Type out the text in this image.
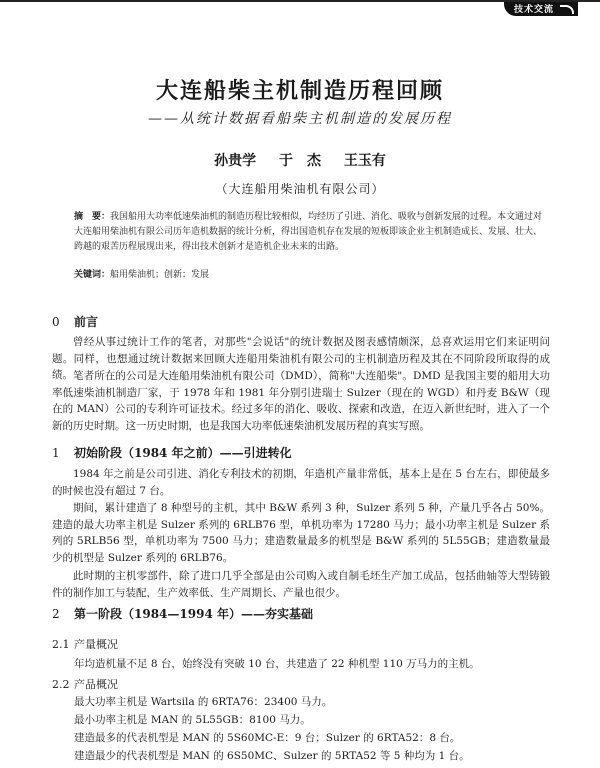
技术交流
大连船柴主机制造历程回顾
——从统计数据看船柴主机制造的发展历程
孙贵学 于　杰 王玉有
（大连船用柴油机有限公司）
摘　要：我国船用大功率低速柴油机的制造历程比较相似，均经历了引进、消化、吸收与创新发展的过程。本文通过对大连船用柴油机有限公司历年造机数据的统计分析，得出国造机存在发展的短板即该企业主机制造成长、发展、壮大、跨越的艰苦历程展现出来，得出技术创新才是造机企业未来的出路。
关键词：船用柴油机；创新；发展
0 前言
曾经从事过统计工作的笔者，对那些"会说话"的统计数据及图表感情颇深，总喜欢运用它们来证明问题。同样，也想通过统计数据来回顾大连船用柴油机有限公司的主机制造历程及其在不同阶段所取得的成绩。 笔者所在的公司是大连船用柴油机有限公司（DMD），简称"大连船柴"。DMD 是我国主要的船用大功率低速柴油机制造厂家，于 1978 年和 1981 年分别引进瑞士 Sulzer（现在的 WGD）和丹麦 B&W（现在的 MAN）公司的专利许可证技术。经过多年的消化、吸收、探索和改造，在迈入新世纪时，进入了一个新的历史时期。这一历史时期，也是我国大功率低速柴油机发展历程的真实写照。
1 初始阶段（1984 年之前）——引进转化
1984 年之前是公司引进、消化专利技术的初期，年造机产量非常低，基本上是在 5 台左右，即使最多的时候也没有超过 7 台。
期间，累计建造了 8 种型号的主机，其中 B&W 系列 3 种，Sulzer 系列 5 种，产量几乎各占 50%。建造的最大功率主机是 Sulzer 系列的 6RLB76 型，单机功率为 17280 马力；最小功率主机是 Sulzer 系列的 5RLB56 型，单机功率为 7500 马力；建造数量最多的机型是 B&W 系列的 5L55GB；建造数量最少的机型是 Sulzer 系列的 6RLB76。
此时期的主机零部件，除了进口几乎全部是由公司购入或自制毛坯生产加工成品，包括曲轴等大型铸锻件的制作加工与装配，生产效率低、生产周期长、产量也很少。
2 第一阶段（1984—1994 年）——夯实基础
2.1 产量概况
年均造机量不足 8 台，始终没有突破 10 台，共建造了 22 种机型 110 万马力的主机。
2.2 产品概况
最大功率主机是 Wartsila 的 6RTA76：23400 马力。
最小功率主机是 MAN 的 5L55GB：8100 马力。
建造最多的代表机型是 MAN 的 5S60MC-E：9 台；Sulzer 的 6RTA52：8 台。
建造最少的代表机型是 MAN 的 6S50MC、Sulzer 的 5RTA52 等 5 种均为 1 台。
